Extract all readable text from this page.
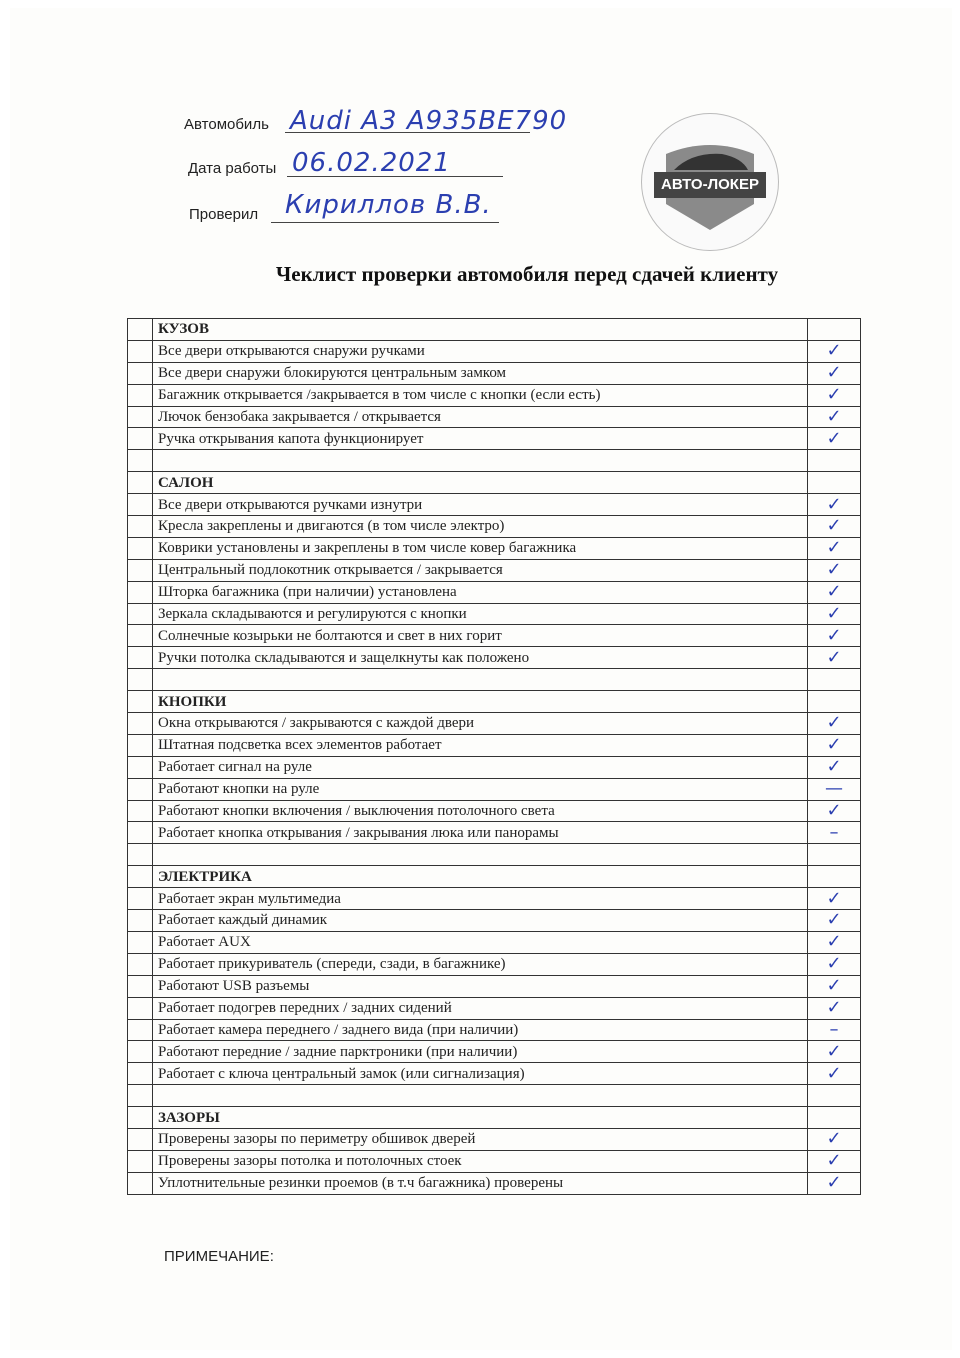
Автомобиль Audi A3 A935BE790
Дата работы 06.02.2021
Проверил Кириллов В.В.
АВТО-ЛОКЕР
Чеклист проверки автомобиля перед сдачей клиенту
	КУЗОВ	
	Все двери открываются снаружи ручками	✓
	Все двери снаружи блокируются центральным замком	✓
	Багажник открывается /закрывается в том числе с кнопки (если есть)	✓
	Лючок бензобака закрывается / открывается	✓
	Ручка открывания капота функционирует	✓

	САЛОН	
	Все двери открываются ручками изнутри	✓
	Кресла закреплены и двигаются (в том числе электро)	✓
	Коврики установлены и закреплены в том числе ковер багажника	✓
	Центральный подлокотник открывается / закрывается	✓
	Шторка багажника (при наличии) установлена	✓
	Зеркала складываются и регулируются с кнопки	✓
	Солнечные козырьки не болтаются и свет в них горит	✓
	Ручки потолка складываются и защелкнуты как положено	✓

	КНОПКИ	
	Окна открываются / закрываются с каждой двери	✓
	Штатная подсветка всех элементов работает	✓
	Работает сигнал на руле	✓
	Работают кнопки на руле	—
	Работают кнопки включения / выключения потолочного света	✓
	Работает кнопка открывания / закрывания люка или панорамы	–

	ЭЛЕКТРИКА	
	Работает экран мультимедиа	✓
	Работает каждый динамик	✓
	Работает AUX	✓
	Работает прикуриватель (спереди, сзади, в багажнике)	✓
	Работают USB разъемы	✓
	Работает подогрев передних / задних сидений	✓
	Работает камера переднего / заднего вида (при наличии)	–
	Работают передние / задние парктроники (при наличии)	✓
	Работает с ключа центральный замок (или сигнализация)	✓

	ЗАЗОРЫ	
	Проверены зазоры по периметру обшивок дверей	✓
	Проверены зазоры потолка и потолочных стоек	✓
	Уплотнительные резинки проемов (в т.ч багажника) проверены	✓
ПРИМЕЧАНИЕ:
